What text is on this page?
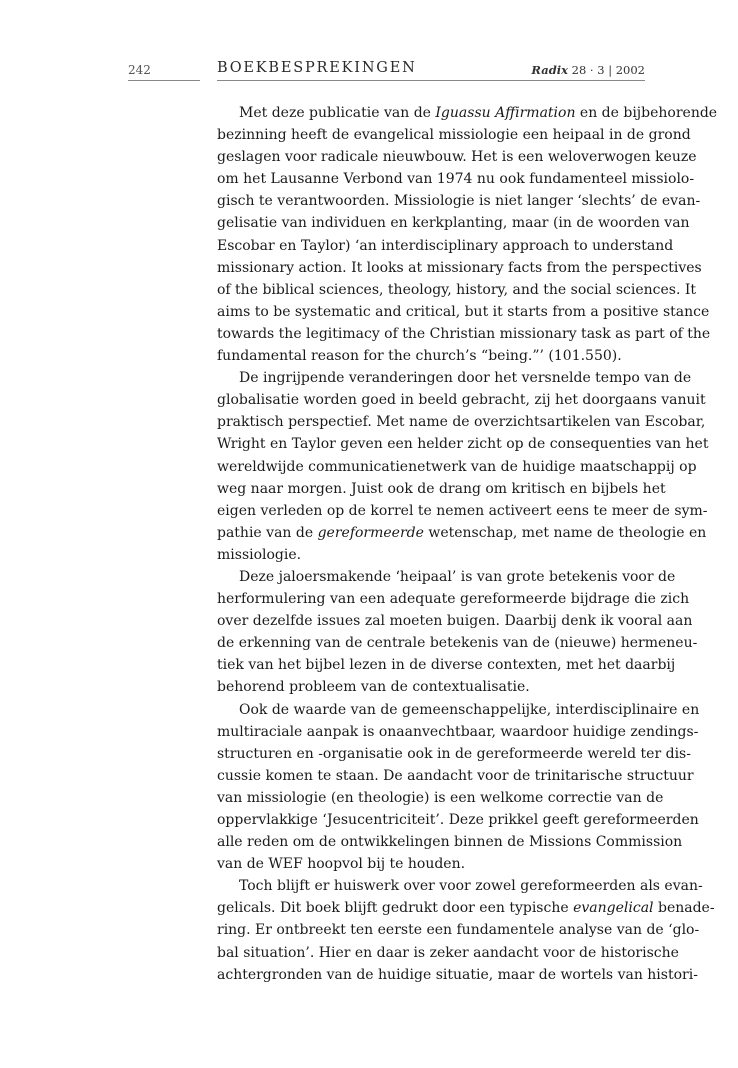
242	BOEKBESPREKINGEN	Radix 28 · 3 | 2002
Met deze publicatie van de Iguassu Affirmation en de bijbehorende
bezinning heeft de evangelical missiologie een heipaal in de grond
geslagen voor radicale nieuwbouw. Het is een weloverwogen keuze
om het Lausanne Verbond van 1974 nu ook fundamenteel missiolo-
gisch te verantwoorden. Missiologie is niet langer ‘slechts’ de evan-
gelisatie van individuen en kerkplanting, maar (in de woorden van
Escobar en Taylor) ‘an interdisciplinary approach to understand
missionary action. It looks at missionary facts from the perspectives
of the biblical sciences, theology, history, and the social sciences. It
aims to be systematic and critical, but it starts from a positive stance
towards the legitimacy of the Christian missionary task as part of the
fundamental reason for the church’s “being.”’ (101.550).
De ingrijpende veranderingen door het versnelde tempo van de
globalisatie worden goed in beeld gebracht, zij het doorgaans vanuit
praktisch perspectief. Met name de overzichtsartikelen van Escobar,
Wright en Taylor geven een helder zicht op de consequenties van het
wereldwijde communicatienetwerk van de huidige maatschappij op
weg naar morgen. Juist ook de drang om kritisch en bijbels het
eigen verleden op de korrel te nemen activeert eens te meer de sym-
pathie van de gereformeerde wetenschap, met name de theologie en
missiologie.
Deze jaloersmakende ‘heipaal’ is van grote betekenis voor de
herformulering van een adequate gereformeerde bijdrage die zich
over dezelfde issues zal moeten buigen. Daarbij denk ik vooral aan
de erkenning van de centrale betekenis van de (nieuwe) hermeneu-
tiek van het bijbel lezen in de diverse contexten, met het daarbij
behorend probleem van de contextualisatie.
Ook de waarde van de gemeenschappelijke, interdisciplinaire en
multiraciale aanpak is onaanvechtbaar, waardoor huidige zendings-
structuren en -organisatie ook in de gereformeerde wereld ter dis-
cussie komen te staan. De aandacht voor de trinitarische structuur
van missiologie (en theologie) is een welkome correctie van de
oppervlakkige ‘Jesucentriciteit’. Deze prikkel geeft gereformeerden
alle reden om de ontwikkelingen binnen de Missions Commission
van de WEF hoopvol bij te houden.
Toch blijft er huiswerk over voor zowel gereformeerden als evan-
gelicals. Dit boek blijft gedrukt door een typische evangelical benade-
ring. Er ontbreekt ten eerste een fundamentele analyse van de ‘glo-
bal situation’. Hier en daar is zeker aandacht voor de historische
achtergronden van de huidige situatie, maar de wortels van histori-
